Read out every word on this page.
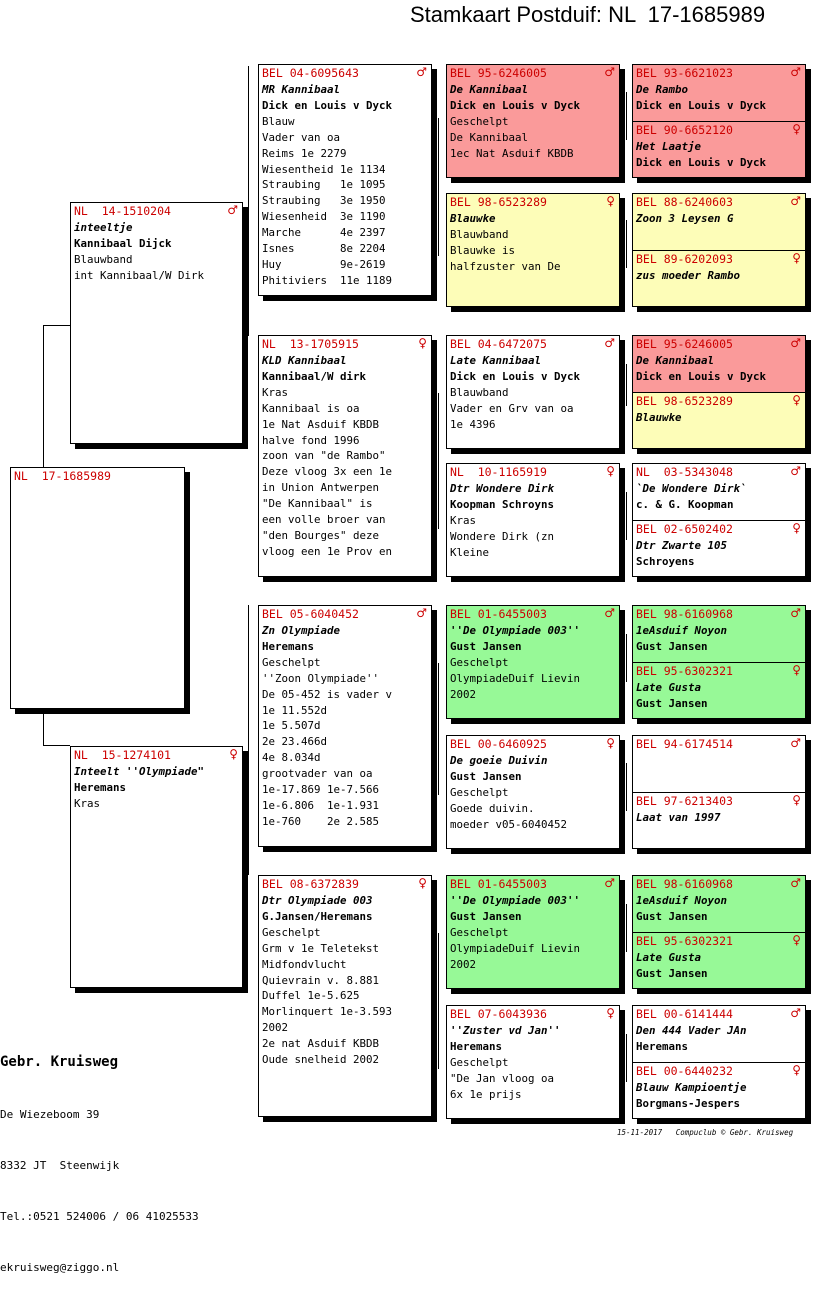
Stamkaart Postduif: NL  17-1685989
NL  17-1685989
NL  14-1510204	♂
inteeltje
Kannibaal Dijck
Blauwband
int Kannibaal/W Dirk
NL  15-1274101	♀
Inteelt ''Olympiade"
Heremans
Kras
BEL 04-6095643	♂
MR Kannibaal
Dick en Louis v Dyck
Blauw
Vader van oa
Reims 1e 2279
Wiesentheid 1e 1134
Straubing   1e 1095
Straubing   3e 1950
Wiesenheid  3e 1190
Marche      4e 2397
Isnes       8e 2204
Huy         9e-2619
Phitiviers  11e 1189
NL  13-1705915	♀
KLD Kannibaal
Kannibaal/W dirk
Kras
Kannibaal is oa
1e Nat Asduif KBDB
halve fond 1996
zoon van "de Rambo"
Deze vloog 3x een 1e
in Union Antwerpen
"De Kannibaal" is
een volle broer van
"den Bourges" deze
vloog een 1e Prov en
BEL 05-6040452	♂
Zn Olympiade
Heremans
Geschelpt
''Zoon Olympiade''
De 05-452 is vader v
1e 11.552d
1e 5.507d
2e 23.466d
4e 8.034d
grootvader van oa
1e-17.869 1e-7.566
1e-6.806  1e-1.931
1e-760    2e 2.585
BEL 08-6372839	♀
Dtr Olympiade 003
G.Jansen/Heremans
Geschelpt
Grm v 1e Teletekst
Midfondvlucht
Quievrain v. 8.881
Duffel 1e-5.625
Morlinquert 1e-3.593
2002
2e nat Asduif KBDB
Oude snelheid 2002
BEL 95-6246005	♂
De Kannibaal
Dick en Louis v Dyck
Geschelpt
De Kannibaal
1ec Nat Asduif KBDB
BEL 98-6523289	♀
Blauwke
Blauwband
Blauwke is
halfzuster van De
BEL 04-6472075	♂
Late Kannibaal
Dick en Louis v Dyck
Blauwband
Vader en Grv van oa
1e 4396
NL  10-1165919	♀
Dtr Wondere Dirk
Koopman Schroyns
Kras
Wondere Dirk (zn
Kleine
BEL 01-6455003	♂
''De Olympiade 003''
Gust Jansen
Geschelpt
OlympiadeDuif Lievin
2002
BEL 00-6460925	♀
De goeie Duivin
Gust Jansen
Geschelpt
Goede duivin.
moeder v05-6040452
BEL 01-6455003	♂
''De Olympiade 003''
Gust Jansen
Geschelpt
OlympiadeDuif Lievin
2002
BEL 07-6043936	♀
''Zuster vd Jan''
Heremans
Geschelpt
"De Jan vloog oa
6x 1e prijs
BEL 93-6621023	♂
De Rambo
Dick en Louis v Dyck
BEL 90-6652120	♀
Het Laatje
Dick en Louis v Dyck
BEL 88-6240603	♂
Zoon 3 Leysen G
BEL 89-6202093	♀
zus moeder Rambo
BEL 95-6246005	♂
De Kannibaal
Dick en Louis v Dyck
BEL 98-6523289	♀
Blauwke
NL  03-5343048	♂
`De Wondere Dirk`
c. & G. Koopman
BEL 02-6502402	♀
Dtr Zwarte 105
Schroyens
BEL 98-6160968	♂
1eAsduif Noyon
Gust Jansen
BEL 95-6302321	♀
Late Gusta
Gust Jansen
BEL 94-6174514	♂
BEL 97-6213403	♀
Laat van 1997
BEL 98-6160968	♂
1eAsduif Noyon
Gust Jansen
BEL 95-6302321	♀
Late Gusta
Gust Jansen
BEL 00-6141444	♂
Den 444 Vader JAn
Heremans
BEL 00-6440232	♀
Blauw Kampioentje
Borgmans-Jespers

Gebr. Kruisweg

De Wiezeboom 39

8332 JT  Steenwijk

Tel.:0521 524006 / 06 41025533

ekruisweg@ziggo.nl

15-11-2017   Compuclub © Gebr. Kruisweg
